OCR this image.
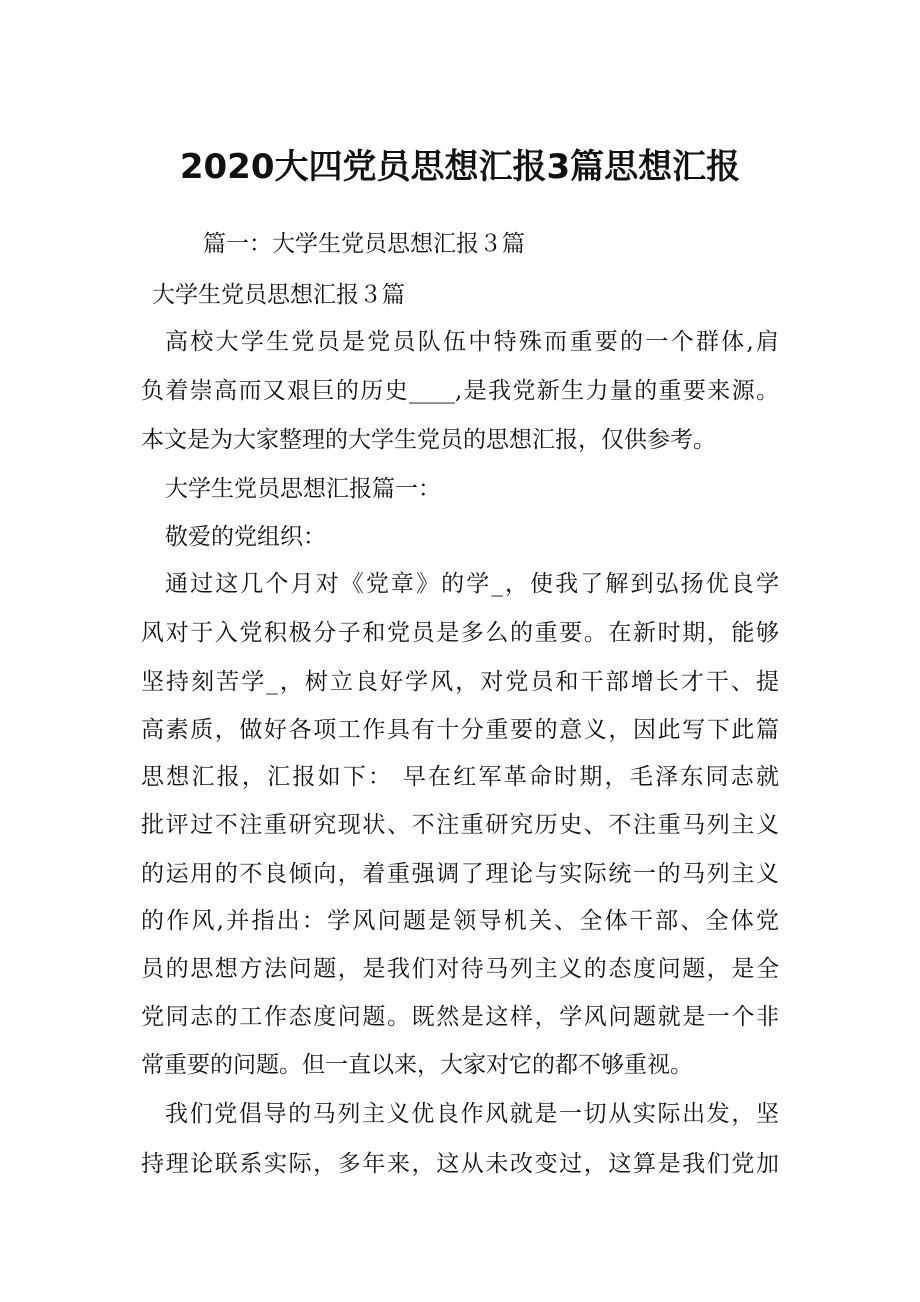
2020大四党员思想汇报3篇思想汇报

篇一：大学生党员思想汇报３篇

大学生党员思想汇报３篇

高校大学生党员是党员队伍中特殊而重要的一个群体,肩

负着崇高而又艰巨的历史____,是我党新生力量的重要来源。

本文是为大家整理的大学生党员的思想汇报，仅供参考。

大学生党员思想汇报篇一：

敬爱的党组织：

通过这几个月对《党章》的学_，使我了解到弘扬优良学

风对于入党积极分子和党员是多么的重要。在新时期，能够

坚持刻苦学_，树立良好学风，对党员和干部增长才干、提

高素质，做好各项工作具有十分重要的意义，因此写下此篇

思想汇报，汇报如下： 早在红军革命时期，毛泽东同志就

批评过不注重研究现状、不注重研究历史、不注重马列主义

的运用的不良倾向，着重强调了理论与实际统一的马列主义

的作风,并指出：学风问题是领导机关、全体干部、全体党

员的思想方法问题，是我们对待马列主义的态度问题，是全

党同志的工作态度问题。既然是这样，学风问题就是一个非

常重要的问题。但一直以来，大家对它的都不够重视。

我们党倡导的马列主义优良作风就是一切从实际出发，坚

持理论联系实际，多年来，这从未改变过，这算是我们党加
